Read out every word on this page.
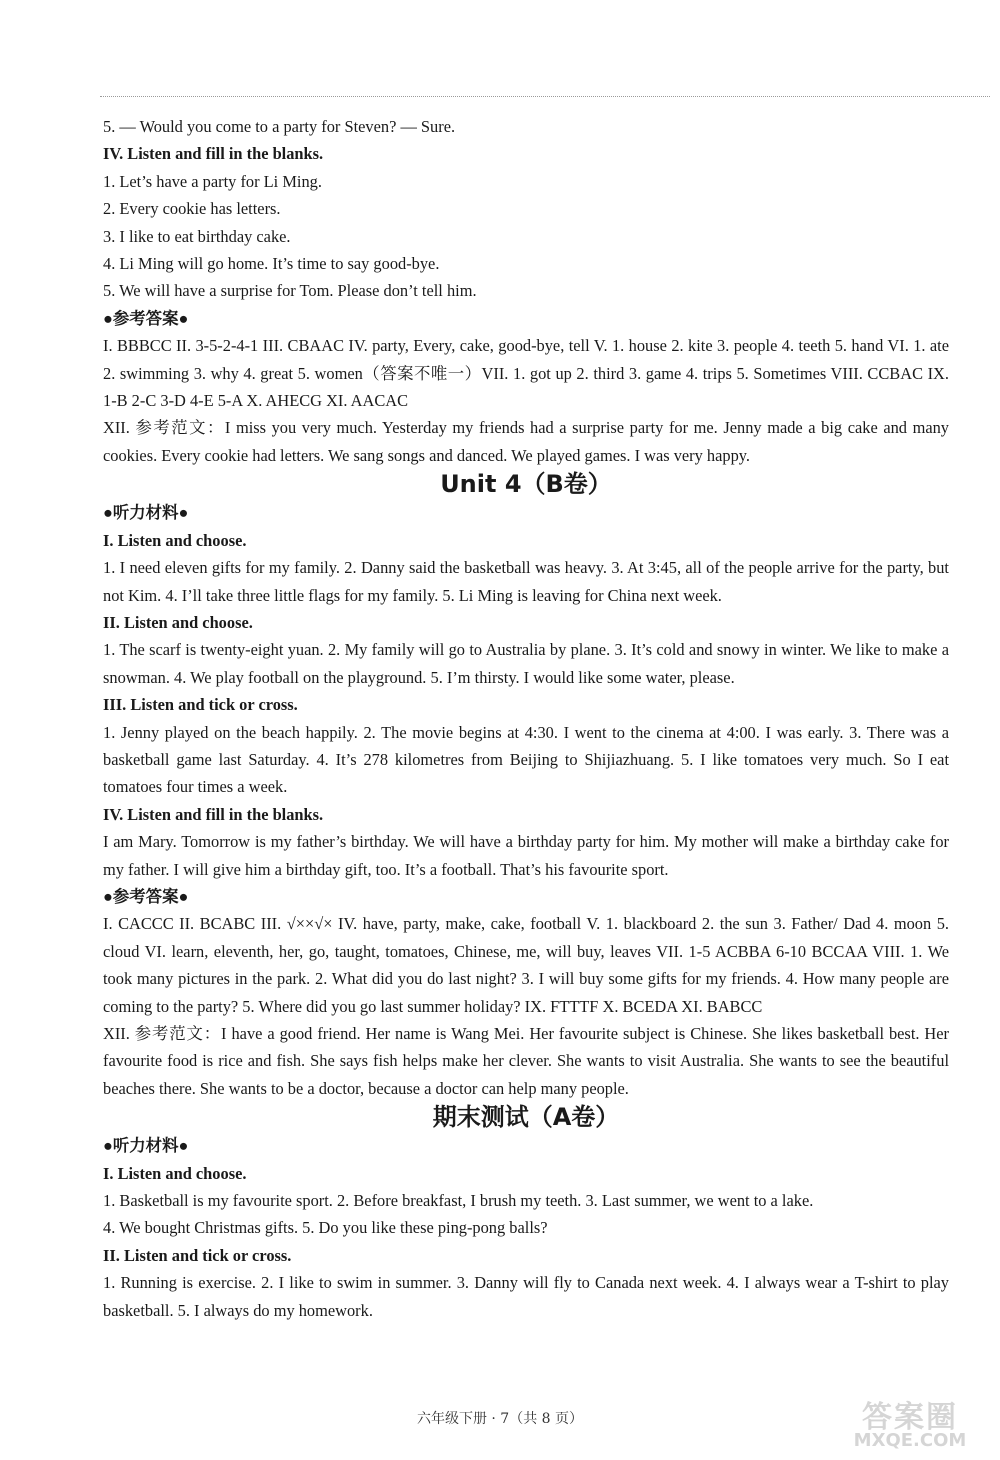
5. — Would you come to a party for Steven? — Sure.
IV. Listen and fill in the blanks.
1. Let’s have a party for Li Ming.
2. Every cookie has letters.
3. I like to eat birthday cake.
4. Li Ming will go home. It’s time to say good-bye.
5. We will have a surprise for Tom. Please don’t tell him.
●参考答案●
I. BBBCC II. 3-5-2-4-1 III. CBAAC IV. party, Every, cake, good-bye, tell V. 1. house 2. kite 3. people 4. teeth 5. hand VI. 1. ate 2. swimming 3. why 4. great 5. women（答案不唯一）VII. 1. got up 2. third 3. game 4. trips 5. Sometimes VIII. CCBAC IX. 1-B 2-C 3-D 4-E 5-A X. AHECG XI. AACAC
XII. 参考范文：I miss you very much. Yesterday my friends had a surprise party for me. Jenny made a big cake and many cookies. Every cookie had letters. We sang songs and danced. We played games. I was very happy.
Unit 4（B卷）
●听力材料●
I. Listen and choose.
1. I need eleven gifts for my family. 2. Danny said the basketball was heavy. 3. At 3:45, all of the people arrive for the party, but not Kim. 4. I’ll take three little flags for my family. 5. Li Ming is leaving for China next week.
II. Listen and choose.
1. The scarf is twenty-eight yuan. 2. My family will go to Australia by plane. 3. It’s cold and snowy in winter. We like to make a snowman. 4. We play football on the playground. 5. I’m thirsty. I would like some water, please.
III. Listen and tick or cross.
1. Jenny played on the beach happily. 2. The movie begins at 4:30. I went to the cinema at 4:00. I was early. 3. There was a basketball game last Saturday. 4. It’s 278 kilometres from Beijing to Shijiazhuang. 5. I like tomatoes very much. So I eat tomatoes four times a week.
IV. Listen and fill in the blanks.
I am Mary. Tomorrow is my father’s birthday. We will have a birthday party for him. My mother will make a birthday cake for my father. I will give him a birthday gift, too. It’s a football. That’s his favourite sport.
●参考答案●
I. CACCC II. BCABC III. √××√× IV. have, party, make, cake, football V. 1. blackboard 2. the sun 3. Father/ Dad 4. moon 5. cloud VI. learn, eleventh, her, go, taught, tomatoes, Chinese, me, will buy, leaves VII. 1-5 ACBBA 6-10 BCCAA VIII. 1. We took many pictures in the park. 2. What did you do last night? 3. I will buy some gifts for my friends. 4. How many people are coming to the party? 5. Where did you go last summer holiday? IX. FTTTF X. BCEDA XI. BABCC
XII. 参考范文：I have a good friend. Her name is Wang Mei. Her favourite subject is Chinese. She likes basketball best. Her favourite food is rice and fish. She says fish helps make her clever. She wants to visit Australia. She wants to see the beautiful beaches there. She wants to be a doctor, because a doctor can help many people.
期末测试（A卷）
●听力材料●
I. Listen and choose.
1. Basketball is my favourite sport. 2. Before breakfast, I brush my teeth. 3. Last summer, we went to a lake.
4. We bought Christmas gifts. 5. Do you like these ping-pong balls?
II. Listen and tick or cross.
1. Running is exercise. 2. I like to swim in summer. 3. Danny will fly to Canada next week. 4. I always wear a T-shirt to play basketball. 5. I always do my homework.
六年级下册 · 7（共 8 页）	答案圈
MXQE.COM
